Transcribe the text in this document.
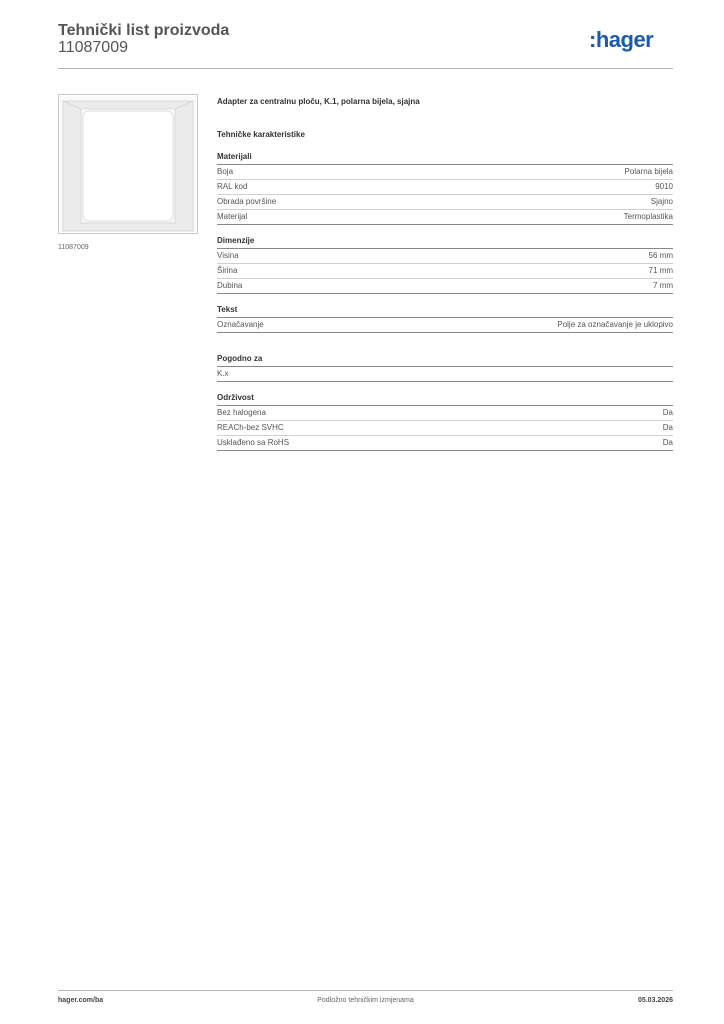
Tehnički list proizvoda
11087009	:hager
11087009
Adapter za centralnu ploču, K.1, polarna bijela, sjajna
Tehničke karakteristike
Materijali
Boja	Polarna bijela
RAL kod	9010
Obrada površine	Sjajno
Materijal	Termoplastika
Dimenzije
Visina	56 mm
Širina	71 mm
Dubina	7 mm
Tekst
Označavanje	Polje za označavanje je uklopivo
Pogodno za
K.x
Održivost
Bez halogena	Da
REACh-bez SVHC	Da
Usklađeno sa RoHS	Da
hager.com/ba	Podložno tehničkim izmjenama	05.03.2026
